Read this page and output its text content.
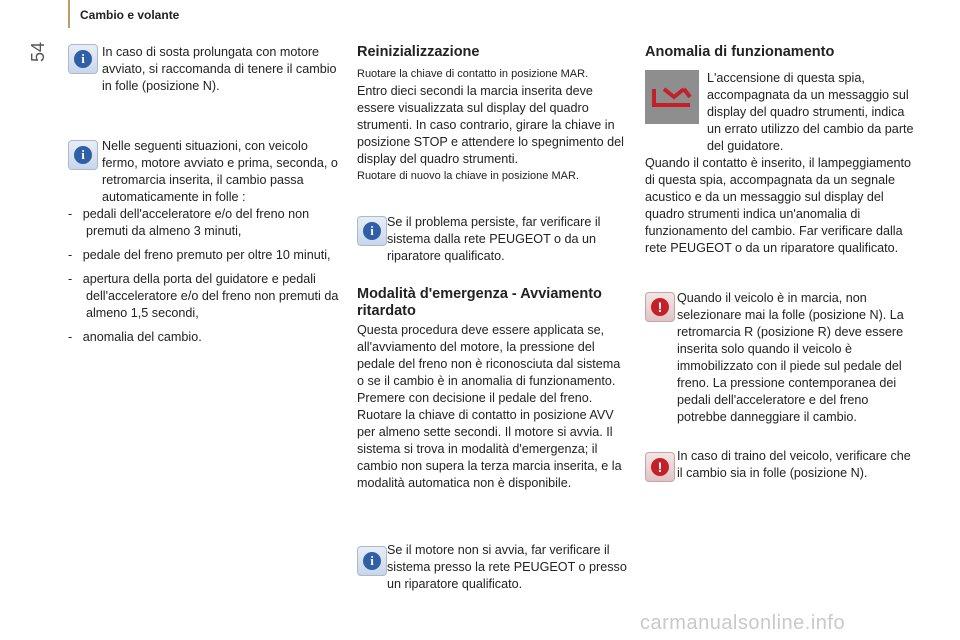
54
Cambio e volante
i	In caso di sosta prolungata con motore avviato, si raccomanda di tenere il cambio in folle (posizione N).
i
Nelle seguenti situazioni, con veicolo fermo, motore avviato e prima, seconda, o retromarcia inserita, il cambio passa automaticamente in folle :
-   pedali dell'acceleratore e/o del freno non premuti da almeno 3 minuti,
-   pedale del freno premuto per oltre 10 minuti,
-   apertura della porta del guidatore e pedali dell'acceleratore e/o del freno non premuti da almeno 1,5 secondi,
-   anomalia del cambio.
Reinizializzazione
Ruotare la chiave di contatto in posizione MAR.
Entro dieci secondi la marcia inserita deve essere visualizzata sul display del quadro strumenti. In caso contrario, girare la chiave in posizione STOP e attendere lo spegnimento del display del quadro strumenti.
Ruotare di nuovo la chiave in posizione MAR.
i
Se il problema persiste, far verificare il sistema dalla rete PEUGEOT o da un riparatore qualificato.
Modalità d'emergenza - Avviamento ritardato
Questa procedura deve essere applicata se, all'avviamento del motore, la pressione del pedale del freno non è riconosciuta dal sistema o se il cambio è in anomalia di funzionamento. Premere con decisione il pedale del freno. Ruotare la chiave di contatto in posizione AVV per almeno sette secondi. Il motore si avvia. Il sistema si trova in modalità d'emergenza; il cambio non supera la terza marcia inserita, e la modalità automatica non è disponibile.
i
Se il motore non si avvia, far verificare il sistema presso la rete PEUGEOT o presso un riparatore qualificato.
Anomalia di funzionamento
L'accensione di questa spia, accompagnata da un messaggio sul display del quadro strumenti, indica un errato utilizzo del cambio da parte del guidatore.
Quando il contatto è inserito, il lampeggiamento di questa spia, accompagnata da un segnale acustico e da un messaggio sul display del quadro strumenti indica un'anomalia di funzionamento del cambio. Far verificare dalla rete PEUGEOT o da un riparatore qualificato.
!
Quando il veicolo è in marcia, non selezionare mai la folle (posizione N). La retromarcia R (posizione R) deve essere inserita solo quando il veicolo è immobilizzato con il piede sul pedale del freno. La pressione contemporanea dei pedali dell'acceleratore e del freno potrebbe danneggiare il cambio.
!
In caso di traino del veicolo, verificare che il cambio sia in folle (posizione N).
carmanualsonline.info
